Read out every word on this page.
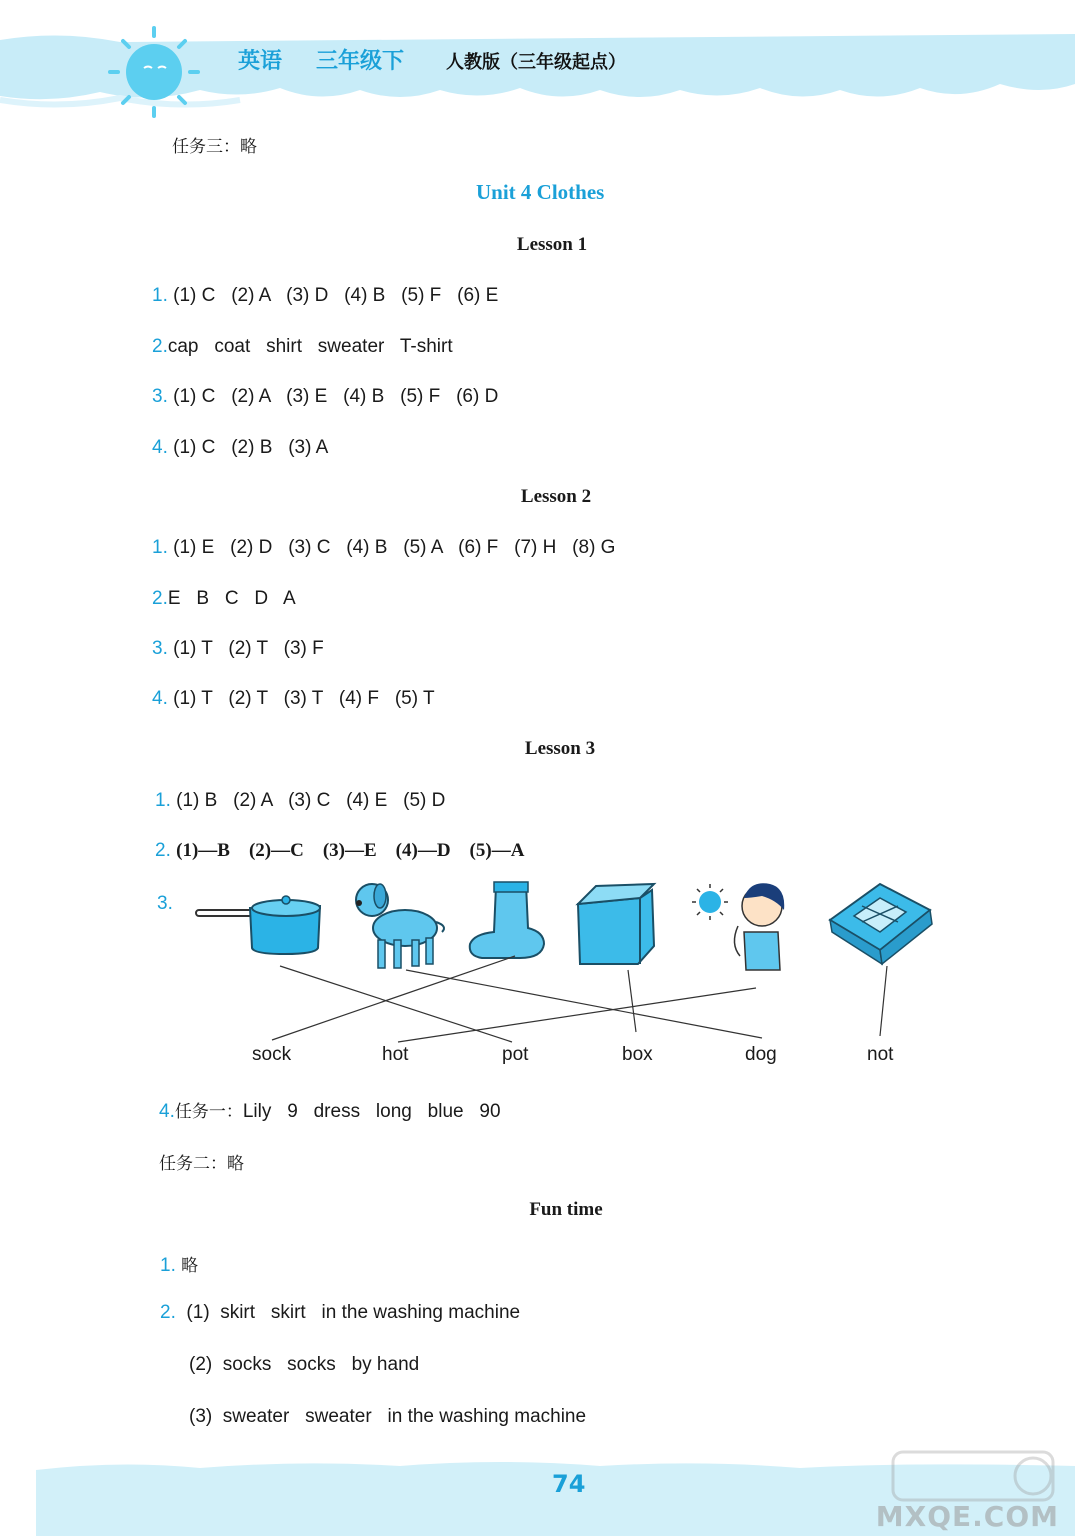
英语 三年级下 人教版（三年级起点）
任务三：略
Unit 4 Clothes
Lesson 1
1. (1) C   (2) A   (3) D   (4) B   (5) F   (6) E
2.cap   coat   shirt   sweater   T-shirt
3. (1) C   (2) A   (3) E   (4) B   (5) F   (6) D
4. (1) C   (2) B   (3) A
Lesson 2
1. (1) E   (2) D   (3) C   (4) B   (5) A   (6) F   (7) H   (8) G
2.E   B   C   D   A
3. (1) T   (2) T   (3) F
4. (1) T   (2) T   (3) T   (4) F   (5) T
Lesson 3
1. (1) B   (2) A   (3) C   (4) E   (5) D
2. (1)—B    (2)—C    (3)—E    (4)—D    (5)—A
3.
sock	hot	pot	box	dog	not
4.任务一：Lily   9   dress   long   blue   90
任务二：略
Fun time
1. 略
2. (1)  skirt   skirt   in the washing machine
(2)  socks   socks   by hand
(3)  sweater   sweater   in the washing machine
74
MXQE.COM
